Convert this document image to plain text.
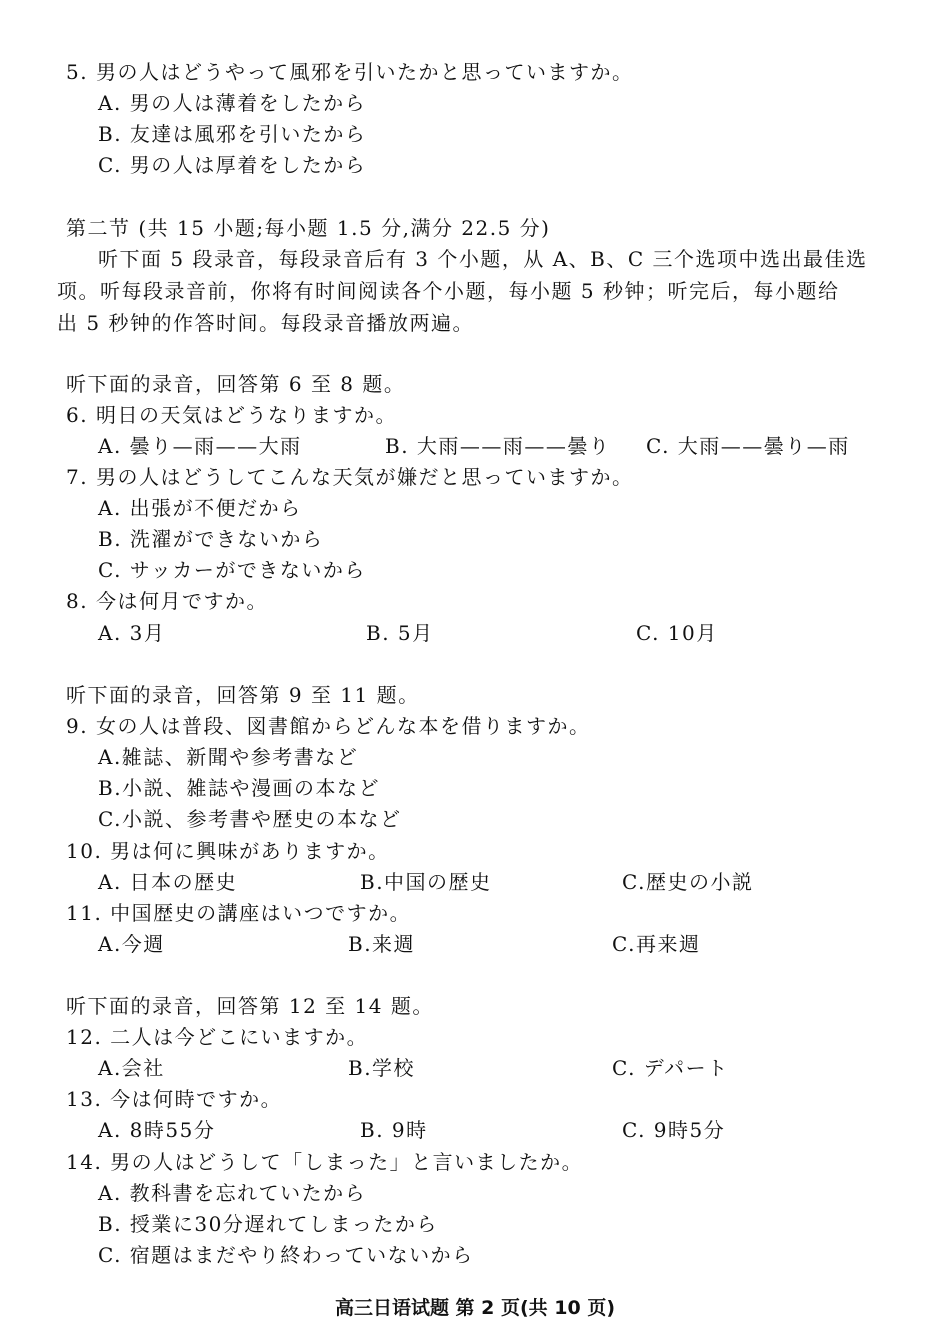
5. 男の人はどうやって風邪を引いたかと思っていますか。
A. 男の人は薄着をしたから
B. 友達は風邪を引いたから
C. 男の人は厚着をしたから
第二节 (共 15 小题;每小题 1.5 分,满分 22.5 分)
听下面 5 段录音，每段录音后有 3 个小题，从 A、B、C 三个选项中选出最佳选
项。听每段录音前，你将有时间阅读各个小题，每小题 5 秒钟；听完后，每小题给
出 5 秒钟的作答时间。每段录音播放两遍。
听下面的录音，回答第 6 至 8 题。
6. 明日の天気はどうなりますか。
A. 曇り—雨——大雨	B. 大雨——雨——曇り C. 大雨——曇り—雨
7. 男の人はどうしてこんな天気が嫌だと思っていますか。
A. 出張が不便だから
B. 洗濯ができないから
C. サッカーができないから
8. 今は何月ですか。
A. 3月	B. 5月	C. 10月
听下面的录音，回答第 9 至 11 题。
9. 女の人は普段、図書館からどんな本を借りますか。
A.雑誌、新聞や参考書など
B.小説、雑誌や漫画の本など
C.小説、参考書や歴史の本など
10. 男は何に興味がありますか。
A. 日本の歴史	B.中国の歴史	C.歴史の小説
11. 中国歴史の講座はいつですか。
A.今週	B.来週	C.再来週
听下面的录音，回答第 12 至 14 题。
12. 二人は今どこにいますか。
A.会社	B.学校	C. デパート
13. 今は何時ですか。
A. 8時55分	B. 9時	C. 9時5分
14. 男の人はどうして「しまった」と言いましたか。
A. 教科書を忘れていたから
B. 授業に30分遅れてしまったから
C. 宿題はまだやり終わっていないから
高三日语试题 第 2 页(共 10 页)
